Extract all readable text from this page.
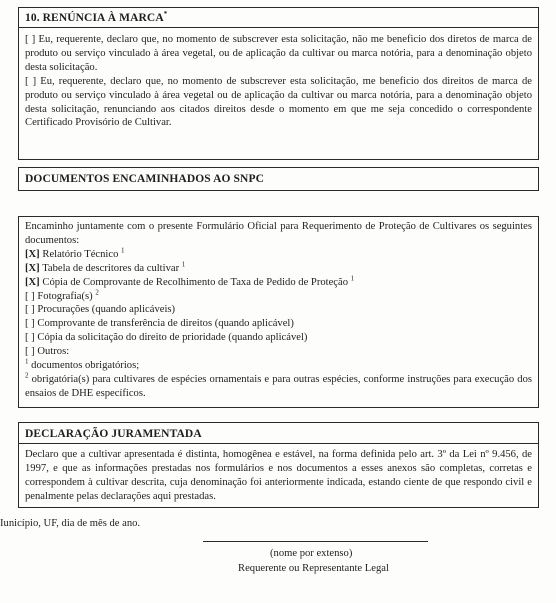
10. RENÚNCIA À MARCA*

[ ] Eu, requerente, declaro que, no momento de subscrever esta solicitação, não me beneficio dos diretos de marca de produto ou serviço vinculado à área vegetal, ou de aplicação da cultivar ou marca notória, para a denominação objeto desta solicitação.

[ ] Eu, requerente, declaro que, no momento de subscrever esta solicitação, me beneficio dos direitos de marca de produto ou serviço vinculado à área vegetal ou de aplicação da cultivar ou marca notória, para a denominação objeto desta solicitação, renunciando aos citados direitos desde o momento em que me seja concedido o correspondente Certificado Provisório de Cultivar.

DOCUMENTOS ENCAMINHADOS AO SNPC

Encaminho juntamente com o presente Formulário Oficial para Requerimento de Proteção de Cultivares os seguintes documentos:

[X] Relatório Técnico $^1$
[X] Tabela de descritores da cultivar $^1$
[X] Cópia de Comprovante de Recolhimento de Taxa de Pedido de Proteção $^1$
[ ] Fotografia(s) $^2$
[ ] Procurações (quando aplicáveis)
[ ] Comprovante de transferência de direitos (quando aplicável)
[ ] Cópia da solicitação do direito de prioridade (quando aplicável)
[ ] Outros:
$^1$ documentos obrigatórios;

$^2$ obrigatória(s) para cultivares de espécies ornamentais e para outras espécies, conforme instruções para execução dos ensaios de DHE específicos.

DECLARAÇÃO JURAMENTADA

Declaro que a cultivar apresentada é distinta, homogênea e estável, na forma definida pelo art. 3º da Lei nº 9.456, de 1997, e que as informações prestadas nos formulários e nos documentos a esses anexos são completas, corretas e correspondem à cultivar descrita, cuja denominação foi anteriormente indicada, estando ciente de que respondo civil e penalmente pelas declarações aqui prestadas.

Iunicípio, UF, dia de mês de ano.
(nome por extenso)
Requerente ou Representante Legal
